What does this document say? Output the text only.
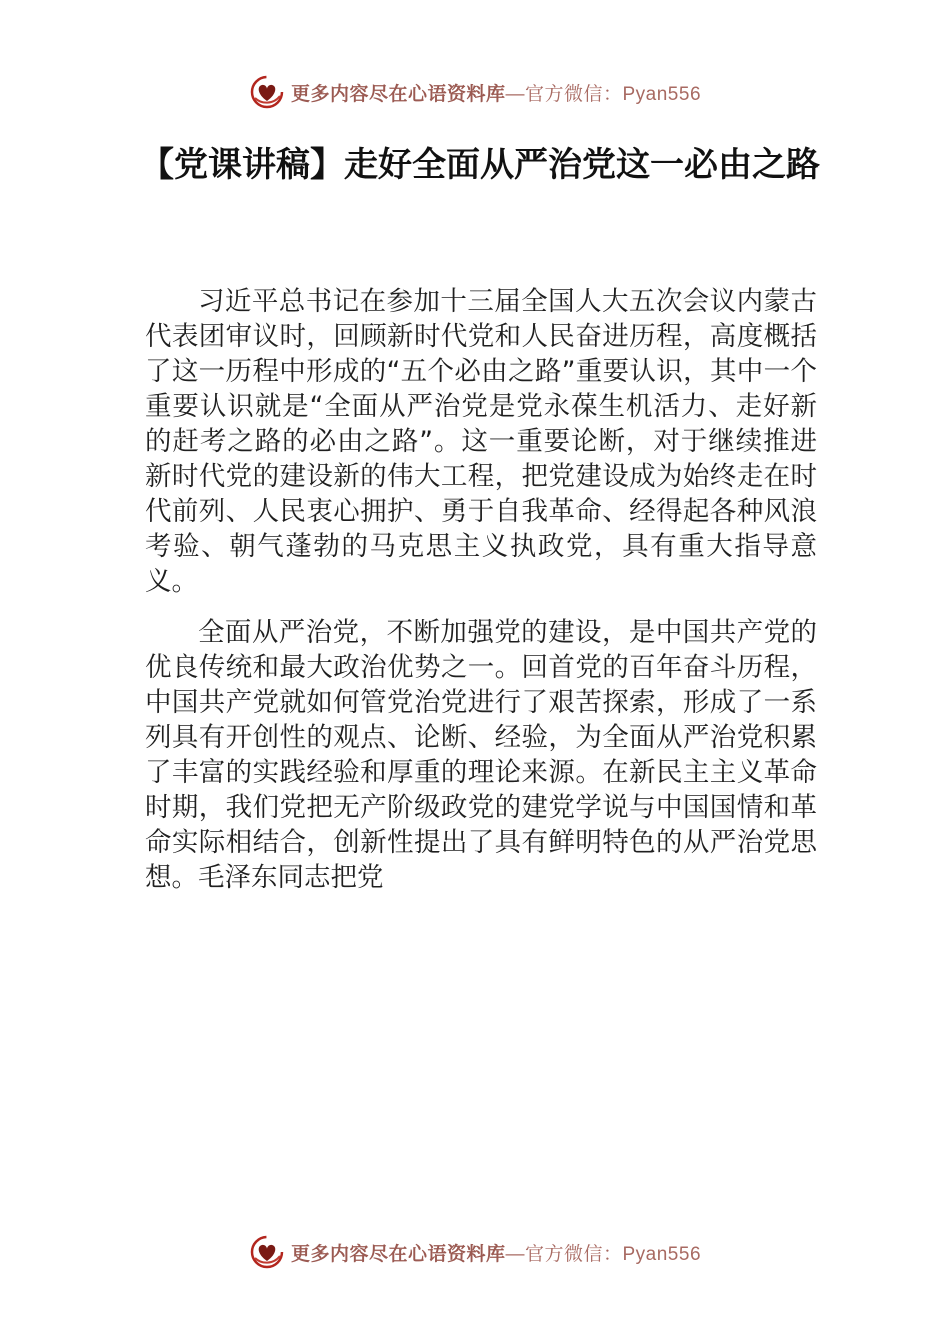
更多内容尽在心语资料库—官方微信：Pyan556
【党课讲稿】走好全面从严治党这一必由之路

习近平总书记在参加十三届全国人大五次会议内蒙古代表团审议时，回顾新时代党和人民奋进历程，高度概括了这一历程中形成的“五个必由之路”重要认识，其中一个重要认识就是“全面从严治党是党永葆生机活力、走好新的赶考之路的必由之路”。这一重要论断，对于继续推进新时代党的建设新的伟大工程，把党建设成为始终走在时代前列、人民衷心拥护、勇于自我革命、经得起各种风浪考验、朝气蓬勃的马克思主义执政党，具有重大指导意义。

全面从严治党，不断加强党的建设，是中国共产党的优良传统和最大政治优势之一。回首党的百年奋斗历程，中国共产党就如何管党治党进行了艰苦探索，形成了一系列具有开创性的观点、论断、经验，为全面从严治党积累了丰富的实践经验和厚重的理论来源。在新民主主义革命时期，我们党把无产阶级政党的建党学说与中国国情和革命实际相结合，创新性提出了具有鲜明特色的从严治党思想。毛泽东同志把党

更多内容尽在心语资料库—官方微信：Pyan556
